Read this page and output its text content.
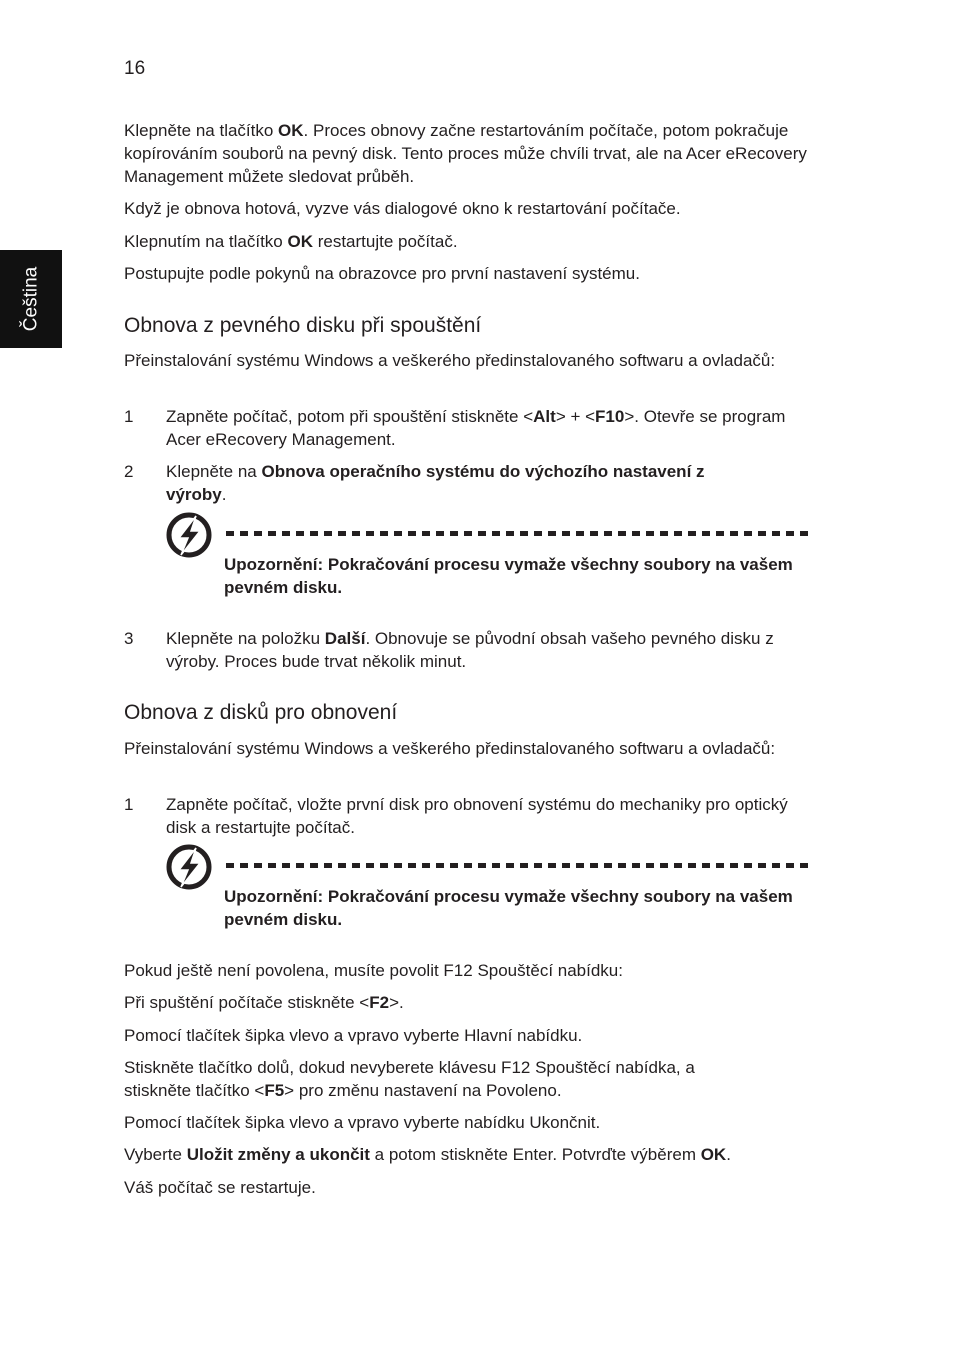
16
Čeština
Klepněte na tlačítko OK. Proces obnovy začne restartováním počítače, potom pokračuje kopírováním souborů na pevný disk. Tento proces může chvíli trvat, ale na Acer eRecovery Management můžete sledovat průběh.
Když je obnova hotová, vyzve vás dialogové okno k restartování počítače.
Klepnutím na tlačítko OK restartujte počítač.
Postupujte podle pokynů na obrazovce pro první nastavení systému.
Obnova z pevného disku při spouštění
Přeinstalování systému Windows a veškerého předinstalovaného softwaru a ovladačů:
1 Zapněte počítač, potom při spouštění stiskněte <Alt> + <F10>. Otevře se program Acer eRecovery Management.
2 Klepněte na Obnova operačního systému do výchozího nastavení z výroby.
Upozornění: Pokračování procesu vymaže všechny soubory na vašem pevném disku.
3 Klepněte na položku Další. Obnovuje se původní obsah vašeho pevného disku z výroby. Proces bude trvat několik minut.
Obnova z disků pro obnovení
Přeinstalování systému Windows a veškerého předinstalovaného softwaru a ovladačů:
1 Zapněte počítač, vložte první disk pro obnovení systému do mechaniky pro optický disk a restartujte počítač.
Upozornění: Pokračování procesu vymaže všechny soubory na vašem pevném disku.
Pokud ještě není povolena, musíte povolit F12 Spouštěcí nabídku:
Při spuštění počítače stiskněte <F2>.
Pomocí tlačítek šipka vlevo a vpravo vyberte Hlavní nabídku.
Stiskněte tlačítko dolů, dokud nevyberete klávesu F12 Spouštěcí nabídka, a stiskněte tlačítko <F5> pro změnu nastavení na Povoleno.
Pomocí tlačítek šipka vlevo a vpravo vyberte nabídku Ukončnit.
Vyberte Uložit změny a ukončit a potom stiskněte Enter. Potvrďte výběrem OK.
Váš počítač se restartuje.
